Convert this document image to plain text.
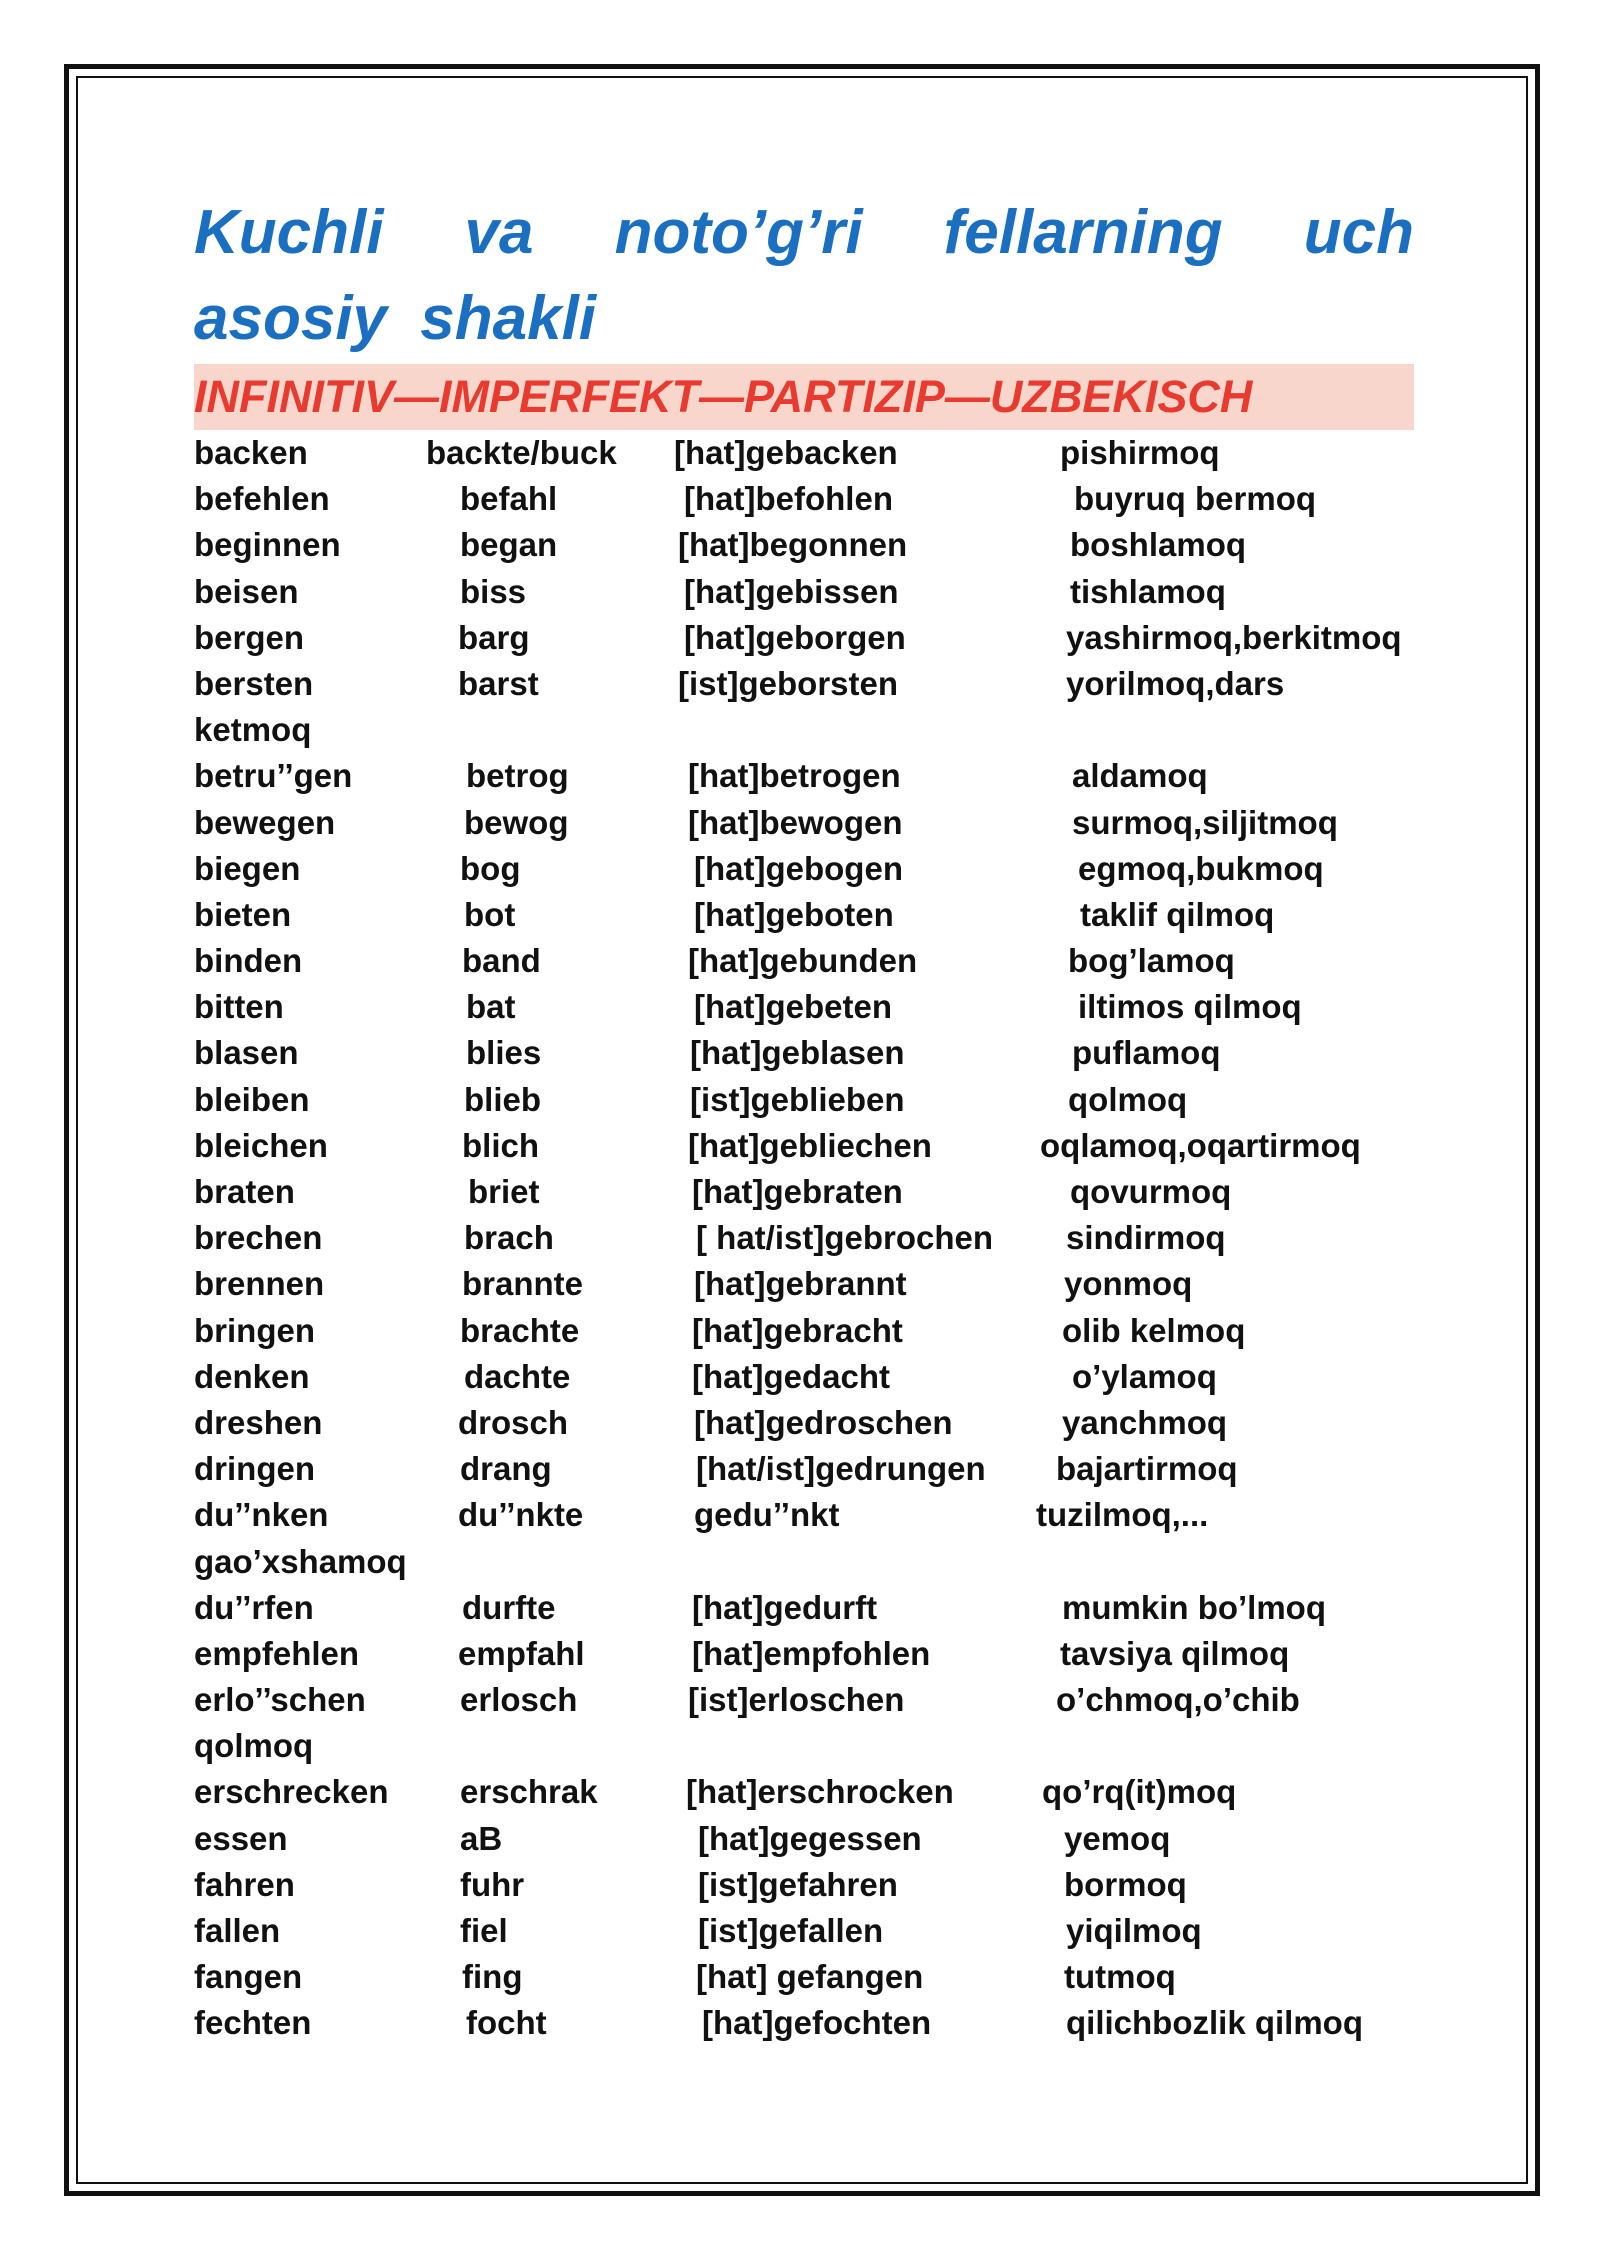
Kuchli va noto’g’ri fellarning uch asosiy shakli
INFINITIV—IMPERFEKT—PARTIZIP—UZBEKISCH
backen	backte/buck [hat]gebacken	pishirmoq
befehlen	befahl	[hat]befohlen	buyruq bermoq
beginnen	began	[hat]begonnen	boshlamoq
beisen	biss	[hat]gebissen	tishlamoq
bergen	barg	[hat]geborgen	yashirmoq,berkitmoq
bersten	barst	[ist]geborsten	yorilmoq,dars
ketmoq
betru’’gen	betrog	[hat]betrogen	aldamoq
bewegen	bewog	[hat]bewogen	surmoq,siljitmoq
biegen	bog	[hat]gebogen	egmoq,bukmoq
bieten	bot	[hat]geboten	taklif qilmoq
binden	band	[hat]gebunden	bog’lamoq
bitten	bat	[hat]gebeten	iltimos qilmoq
blasen	blies	[hat]geblasen	puflamoq
bleiben	blieb	[ist]geblieben	qolmoq
bleichen	blich	[hat]gebliechen	oqlamoq,oqartirmoq
braten	briet	[hat]gebraten	qovurmoq
brechen	brach	[ hat/ist]gebrochen sindirmoq
brennen	brannte	[hat]gebrannt	yonmoq
bringen	brachte	[hat]gebracht	olib kelmoq
denken	dachte	[hat]gedacht	o’ylamoq
dreshen	drosch	[hat]gedroschen	yanchmoq
dringen	drang	[hat/ist]gedrungen bajartirmoq
du’’nken	du’’nkte	gedu’’nkt	tuzilmoq,...
gao’xshamoq
du’’rfen	durfte	[hat]gedurft	mumkin bo’lmoq
empfehlen	empfahl	[hat]empfohlen	tavsiya qilmoq
erlo’’schen	erlosch	[ist]erloschen	o’chmoq,o’chib
qolmoq
erschrecken erschrak	[hat]erschrocken	qo’rq(it)moq
essen	aB	[hat]gegessen	yemoq
fahren	fuhr	[ist]gefahren	bormoq
fallen	fiel	[ist]gefallen	yiqilmoq
fangen	fing	[hat] gefangen	tutmoq
fechten	focht	[hat]gefochten	qilichbozlik qilmoq
